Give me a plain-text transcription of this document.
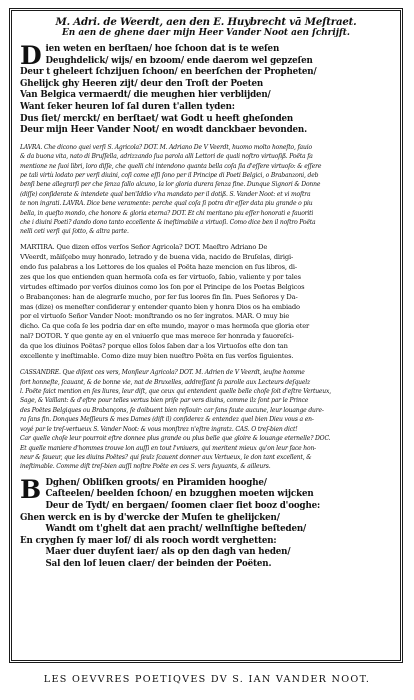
M. Adri. de Weerdt, aen den E. Huybrecht vā Meſtraet.
En aen de ghene daer mijn Heer Vander Noot aen ſchrijft.
D ien weten en berſtaen/ hoe ſchoon dat is te weſen
Deughdelick/ wijs/ en bzoom/ ende daerom wel gepzeſen
Deur t gheleert ſchzijuen ſchoon/ en beerſchen der Propheten/
Ghelijck ghy Heeren zijt/ deur den Troſt der Poeten
Van Belgica vermaerdt/ die meughen hier verblijden/
Want ſeker heuren lof ſal duren t'allen tyden:
Dus ſiet/ merckt/ en berſtaet/ wat Godt u heeft gheſonden
Deur mijn Heer Vander Noot/ en woꝛdt danckbaer bevonden.
LAVRA. Che dicono quei verſi S. Agricola? DOT. M. Adriano De V Veerdt, huomo molto honeſto, fauio
& da buona vita, nato di Bruſſella, adrizzando ſua parola alli Lettori de quali noſtro virtuoſiß. Poëta fa
mentione ne ſuoi libri, loro diſſe, che quelli chi intendono quanta bella coſa ſia d'eſſere virtuoſo: & eſſere
pe tali virtù lodato per verſi diuini, coſi come eſſi ſono per il Principe di Poeti Belgici, o Brabanzoni, deb
benſi bene allegrarſi per che ſenza fallo alcuno, la lor gloria durera ſenza fine. Dunque Signori & Donne
(diſſe) conſiderate & intendete qual ben'Iddio v'ha mandato per il dotiß. S. Vander Noot: et vi moſtra
te non ingrati. LAVRA. Dice bene veramente: perche qual coſa ſi potra dir eſſer data piu grande o piu
bella, in queſto mondo, che honore & gloria eterna? DOT. Et chi meritano piu eſſer honorati e fauoriti
che i diuini Poeti? dando dono tanto eccellente & ineſtimabile a virtuoſi. Como dice ben il noſtro Poëta
nelli ceti verſi qui ſotto, & altra parte.
MARTIRA. Que dizen eſſos verſos Señor Agricola? DOT. Maeſtro Adriano De
VVeerdt, mãiſçebo muy honrado, letrado y de buena vida, nacido de Bruſelas, dirigi-
endo ſus palabras a los Lettores de los quales el Poëta haze mencion en ſus libros, di-
zes que los que entienden quan hermoſa coſa es ſer virtuoſo, ſabio, valiente y por tales
virtudes eſtimado por verſos diuinos como los ſon por el Principe de los Poetas Belgicos
o Brabançones: han de alegrarſe mucho, por ſer ſus loores ſin ſin. Pues Señores y Da-
mas (dize) os meneſter conſiderar y entender quanto bien y honra Dios os ha embiado
por el virtuoſo Señor Vander Noot: monſtrando os no ſer ingratos. MAR. O muy bie
dicho. Ca que coſa ſe les podria dar en eſte mundo, mayor o mas hermoſa que gloria eter
nal? DOTOR. Y que gente ay en el vniuerſo que mas merece ſer honrada y fauoreſci-
da que los diuinos Poëtas? porque ellos ſolos ſaben dar a los Virtuoſos eſte don tan
excellente y ineſtimable. Como dize muy bien nueſtro Poëta en ſus verſos ſiguientes.
CASSANDRE. Que diſent ces vers, Monſieur Agricola? DOT. M. Adrien de V Veerdt, ieuſne homme
fort honneſte, ſcauant, & de bonne vie, nat de Bruxelles, addreſſant ſa parolle aux Lecteurs deſquelz
l. Poëte faict mention en ſes liures, leur diſt, que ceux qui entendent quelle belle choſe ſoit d'eſtre Vertueux,
Sage, & Vaillant: & d'eſtre pour telles vertus bien priſe par vers diuins, comme ilz ſont par le Prince
des Poëtes Belgiques ou Brabançons, ſe doibuent bien reſiouir: car ſans faute aucune, leur louange dure-
ra ſans fin. Donques Meſſieurs & mes Dames (diſt il) conſiderez & entendez quel bien Dieu vous a en-
voyé par le treſ-vertueux S. Vander Noot: & vous monſtrez n'eſtre ingratz. CAS. O treſ-bien dict!
Car quelle choſe leur pourroit eſtre donnee plus grande ou plus belle que gloire & louange eternelle? DOC.
Et quelle maniere d'hommes trouve lon auſſi en tout l'vniuers, qui meritent mieux qu'on leur face hon-
neur & faueur, que les diuins Poëtes? qui ſeulz ſcauent donner aux Vertueux, le don tant excellent, &
ineſtimable. Comme diſt treſ-bien auſſi noſtre Poëte en ces S. vers ſuyuants, & ailleurs.
B Dghen/ Obliſken groots/ en Piramiden hooghe/
Caſteelen/ beelden ſchoon/ en bzugghen moeten wijcken
Deur de Tydt/ en bergaen/ ſoomen claer ſiet booz d'ooghe:
Ghen werck en is by d'wercke der Muſen te ghelijcken/
Wandt om t'ghelt dat aen pracht/ wellnſtighe beſteden/
En cryghen ſy maer lof/ di als rooch wordt verghetten:
Maer duer duyſent iaer/ als op den dagh van heden/
Sal den lof leuen claer/ der beinden der Poëten.
LES OEVVRES POETIQVES DV S. IAN VANDER NOOT.
